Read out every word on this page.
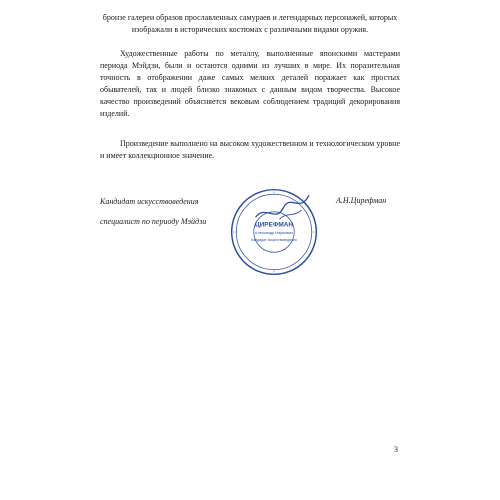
бронзе галереи образов прославленных самураев и легендарных персонажей, которых изображали в исторических костюмах с различными видами оружия.

Художественные работы по металлу, выполненные японскими мастерами периода Мэйдзи, были и остаются одними из лучших в мире. Их поразительная точность в отображении даже самых мелких деталей поражает как простых обывателей, так и людей близко знакомых с данным видом творчества. Высокое качество произведений объясняется вековым соблюдением традиций декорирования изделий.

Произведение выполнено на высоком художественном и технологическом уровне и имеет коллекционное значение.

Кандидат искусствоведения
специалист по периоду Мэйдзи	ЦИРЕФМАН
Александр Наумович
Кандидат искусствоведения
А.Н.Цирефман
3
